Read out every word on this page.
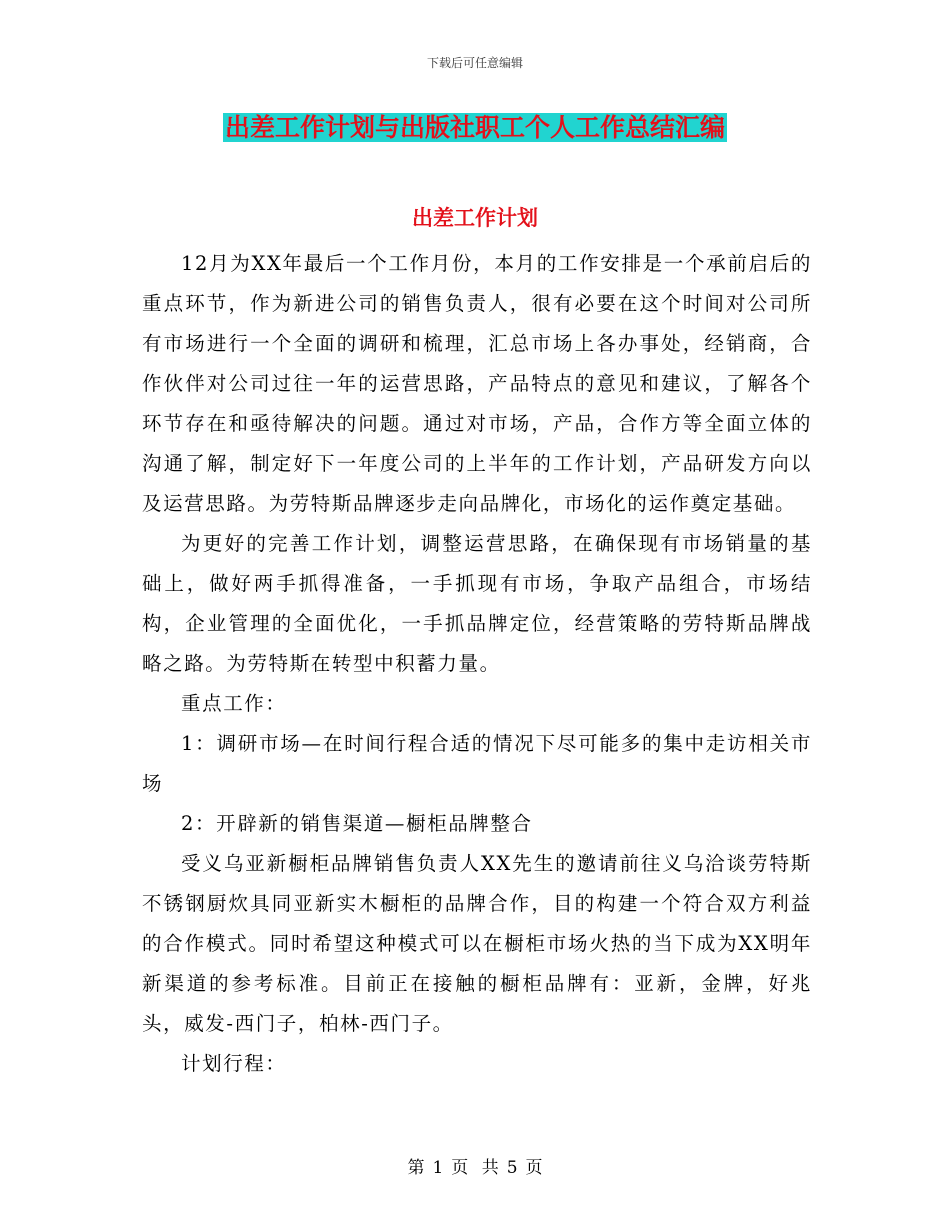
下载后可任意编辑
出差工作计划与出版社职工个人工作总结汇编
出差工作计划

12月为XX年最后一个工作月份，本月的工作安排是一个承前启后的重点环节，作为新进公司的销售负责人，很有必要在这个时间对公司所有市场进行一个全面的调研和梳理，汇总市场上各办事处，经销商，合作伙伴对公司过往一年的运营思路，产品特点的意见和建议，了解各个环节存在和亟待解决的问题。通过对市场，产品，合作方等全面立体的沟通了解，制定好下一年度公司的上半年的工作计划，产品研发方向以及运营思路。为劳特斯品牌逐步走向品牌化，市场化的运作奠定基础。

为更好的完善工作计划，调整运营思路，在确保现有市场销量的基础上，做好两手抓得准备，一手抓现有市场，争取产品组合，市场结构，企业管理的全面优化，一手抓品牌定位，经营策略的劳特斯品牌战略之路。为劳特斯在转型中积蓄力量。

重点工作：

1：调研市场—在时间行程合适的情况下尽可能多的集中走访相关市场

2：开辟新的销售渠道—橱柜品牌整合

受义乌亚新橱柜品牌销售负责人XX先生的邀请前往义乌洽谈劳特斯不锈钢厨炊具同亚新实木橱柜的品牌合作，目的构建一个符合双方利益的合作模式。同时希望这种模式可以在橱柜市场火热的当下成为XX明年新渠道的参考标准。目前正在接触的橱柜品牌有：亚新，金牌，好兆头，威发-西门子，柏林-西门子。

计划行程：

第 1 页 共 5 页
